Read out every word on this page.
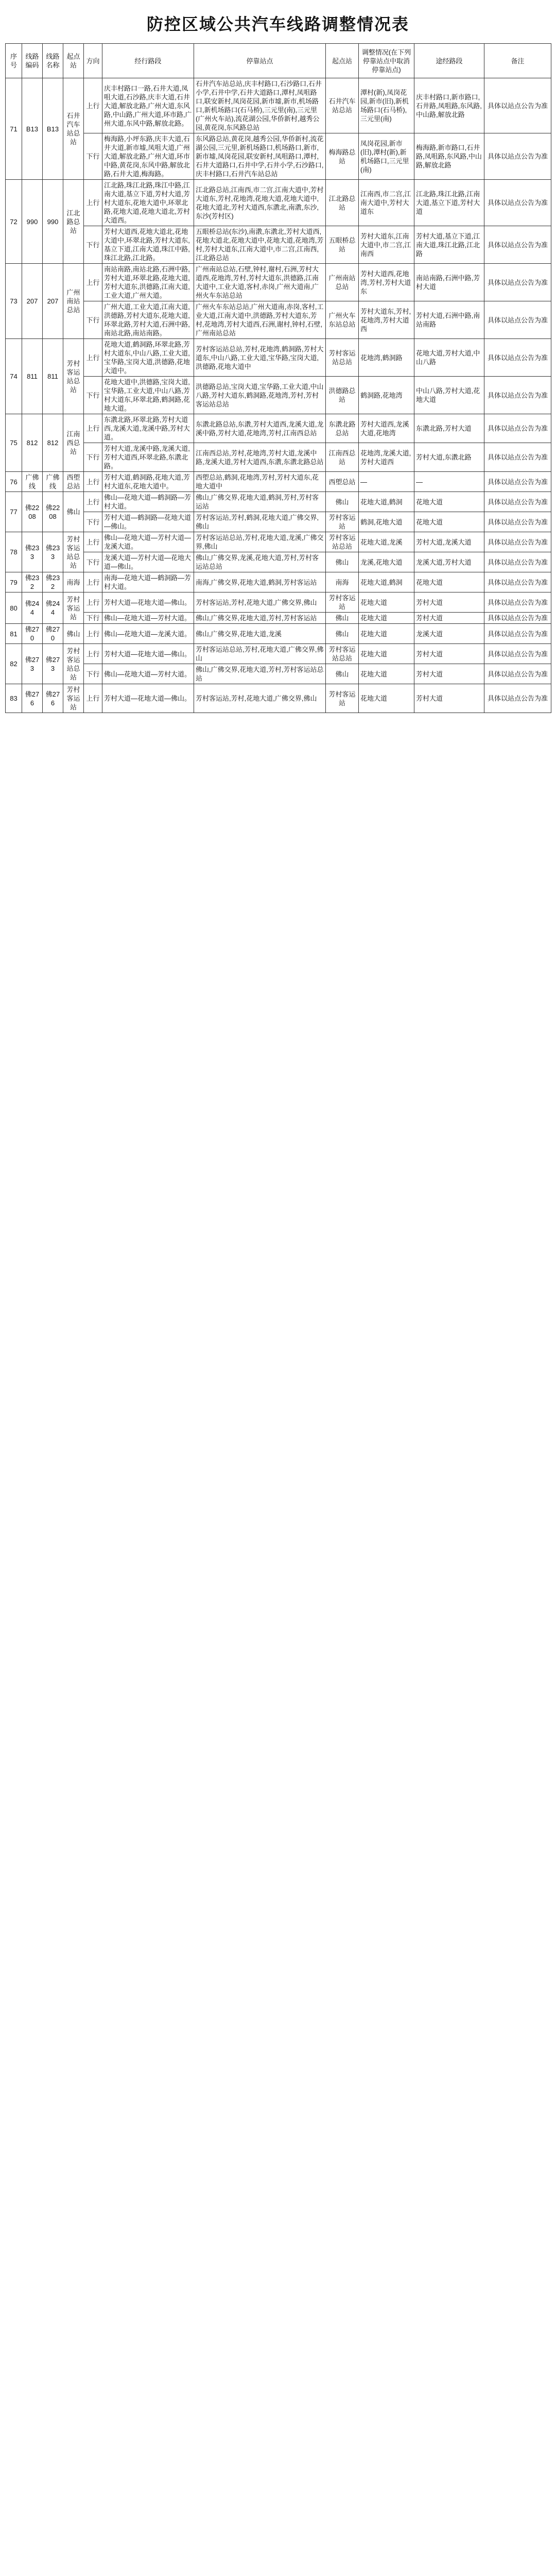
防控区域公共汽车线路调整情况表
序号	线路编码	线路名称	起点站	方向	经行路段	停靠站点	起点站	调整情况(在下列停靠站点中取消停靠站点)	途经路段	备注
71	B13	B13	石井汽车站总站	上行	庆丰村路口一路,石井大道,凤咀大道,石沙路,庆丰大道,石井大道,解放北路,广州大道,东风路,中山路,广州大道,环市路,广州大道,东风中路,解放北路。	石井汽车站总站,庆丰村路口,石沙路口,石井小学,石井中学,石井大道路口,潭村,凤咀路口,联安新村,凤岗花园,新市墟,新市,机场路口,新机场路口(石马桥),三元里(南),三元里(广州火车站),流花湖公园,华侨新村,越秀公园,黄花岗,东风路总站	石井汽车站总站	潭村(新),凤岗花园,新市(旧),新机场路口(石马桥),三元里(南)	庆丰村路口,新市路口,石井路,凤咀路,东风路,中山路,解放北路	具体以站点公告为准
				下行	梅海路,小坪东路,庆丰大道,石井大道,新市墟,凤咀大道,广州大道,解放北路,广州大道,环市中路,黄花岗,东风中路,解放北路,石井大道,梅海路。	东风路总站,黄花岗,越秀公园,华侨新村,流花湖公园,三元里,新机场路口,机场路口,新市,新市墟,凤岗花园,联安新村,凤咀路口,潭村,石井大道路口,石井中学,石井小学,石沙路口,庆丰村路口,石井汽车站总站	梅海路总站	凤岗花园,新市(旧),潭村(新),新机场路口,三元里(南)	梅海路,新市路口,石井路,凤咀路,东风路,中山路,解放北路	具体以站点公告为准
72	990	990	江北路总站	上行	江北路,珠江北路,珠江中路,江南大道,基立下道,芳村大道,芳村大道东,花地大道中,环翠北路,花地大道,花地大道北,芳村大道西。	江北路总站,江南西,市二宫,江南大道中,芳村大道东,芳村,花地湾,花地大道,花地大道中,花地大道北,芳村大道西,东漖北,南漖,东沙,东沙(芳村区)	江北路总站	江南西,市二宫,江南大道中,芳村大道东	江北路,珠江北路,江南大道,基立下道,芳村大道	具体以站点公告为准
				下行	芳村大道西,花地大道北,花地大道中,环翠北路,芳村大道东,基立下道,江南大道,珠江中路,珠江北路,江北路。	五眼桥总站(东沙),南漖,东漖北,芳村大道西,花地大道北,花地大道中,花地大道,花地湾,芳村,芳村大道东,江南大道中,市二宫,江南西,江北路总站	五眼桥总站	芳村大道东,江南大道中,市二宫,江南西	芳村大道,基立下道,江南大道,珠江北路,江北路	具体以站点公告为准
73	207	207	广州南站总站	上行	南站南路,南站北路,石洲中路,芳村大道,环翠北路,花地大道,芳村大道东,洪德路,江南大道,工业大道,广州大道。	广州南站总站,石壁,钟村,谢村,石洲,芳村大道西,花地湾,芳村,芳村大道东,洪德路,江南大道中,工业大道,客村,赤岗,广州大道南,广州火车东站总站	广州南站总站	芳村大道西,花地湾,芳村,芳村大道东	南站南路,石洲中路,芳村大道	具体以站点公告为准
				下行	广州大道,工业大道,江南大道,洪德路,芳村大道东,花地大道,环翠北路,芳村大道,石洲中路,南站北路,南站南路。	广州火车东站总站,广州大道南,赤岗,客村,工业大道,江南大道中,洪德路,芳村大道东,芳村,花地湾,芳村大道西,石洲,谢村,钟村,石壁,广州南站总站	广州火车东站总站	芳村大道东,芳村,花地湾,芳村大道西	芳村大道,石洲中路,南站南路	具体以站点公告为准
74	811	811	芳村客运站总站	上行	花地大道,鹤洞路,环翠北路,芳村大道东,中山八路,工业大道,宝华路,宝岗大道,洪德路,花地大道中。	芳村客运站总站,芳村,花地湾,鹤洞路,芳村大道东,中山八路,工业大道,宝华路,宝岗大道,洪德路,花地大道中	芳村客运站总站	花地湾,鹤洞路	花地大道,芳村大道,中山八路	具体以站点公告为准
				下行	花地大道中,洪德路,宝岗大道,宝华路,工业大道,中山八路,芳村大道东,环翠北路,鹤洞路,花地大道。	洪德路总站,宝岗大道,宝华路,工业大道,中山八路,芳村大道东,鹤洞路,花地湾,芳村,芳村客运站总站	洪德路总站	鹤洞路,花地湾	中山八路,芳村大道,花地大道	具体以站点公告为准
75	812	812	江南西总站	上行	东漖北路,环翠北路,芳村大道西,龙溪大道,龙溪中路,芳村大道。	东漖北路总站,东漖,芳村大道西,龙溪大道,龙溪中路,芳村大道,花地湾,芳村,江南西总站	东漖北路总站	芳村大道西,龙溪大道,花地湾	东漖北路,芳村大道	具体以站点公告为准
				下行	芳村大道,龙溪中路,龙溪大道,芳村大道西,环翠北路,东漖北路。	江南西总站,芳村,花地湾,芳村大道,龙溪中路,龙溪大道,芳村大道西,东漖,东漖北路总站	江南西总站	花地湾,龙溪大道,芳村大道西	芳村大道,东漖北路	具体以站点公告为准
76	广佛线	广佛线	西塱总站	上行	芳村大道,鹤洞路,花地大道,芳村大道东,花地大道中。	西塱总站,鹤洞,花地湾,芳村,芳村大道东,花地大道中	西塱总站	—	—	具体以站点公告为准
77	佛2208	佛2208	佛山	上行	佛山—花地大道—鹤洞路—芳村大道。	佛山,广佛交界,花地大道,鹤洞,芳村,芳村客运站	佛山	花地大道,鹤洞	花地大道	具体以站点公告为准
				下行	芳村大道—鹤洞路—花地大道—佛山。	芳村客运站,芳村,鹤洞,花地大道,广佛交界,佛山	芳村客运站	鹤洞,花地大道	花地大道	具体以站点公告为准
78	佛233	佛233	芳村客运站总站	上行	佛山—花地大道—芳村大道—龙溪大道。	芳村客运站总站,芳村,花地大道,龙溪,广佛交界,佛山	芳村客运站总站	花地大道,龙溪	芳村大道,龙溪大道	具体以站点公告为准
				下行	龙溪大道—芳村大道—花地大道—佛山。	佛山,广佛交界,龙溪,花地大道,芳村,芳村客运站总站	佛山	龙溪,花地大道	龙溪大道,芳村大道	具体以站点公告为准
79	佛232	佛232	南海	上行	南海—花地大道—鹤洞路—芳村大道。	南海,广佛交界,花地大道,鹤洞,芳村客运站	南海	花地大道,鹤洞	花地大道	具体以站点公告为准
80	佛244	佛244	芳村客运站	上行	芳村大道—花地大道—佛山。	芳村客运站,芳村,花地大道,广佛交界,佛山	芳村客运站	花地大道	芳村大道	具体以站点公告为准
				下行	佛山—花地大道—芳村大道。	佛山,广佛交界,花地大道,芳村,芳村客运站	佛山	花地大道	芳村大道	具体以站点公告为准
81	佛270	佛270	佛山	上行	佛山—花地大道—龙溪大道。	佛山,广佛交界,花地大道,龙溪	佛山	花地大道	龙溪大道	具体以站点公告为准
82	佛273	佛273	芳村客运站总站	上行	芳村大道—花地大道—佛山。	芳村客运站总站,芳村,花地大道,广佛交界,佛山	芳村客运站总站	花地大道	芳村大道	具体以站点公告为准
				下行	佛山—花地大道—芳村大道。	佛山,广佛交界,花地大道,芳村,芳村客运站总站	佛山	花地大道	芳村大道	具体以站点公告为准
83	佛276	佛276	芳村客运站	上行	芳村大道—花地大道—佛山。	芳村客运站,芳村,花地大道,广佛交界,佛山	芳村客运站	花地大道	芳村大道	具体以站点公告为准
